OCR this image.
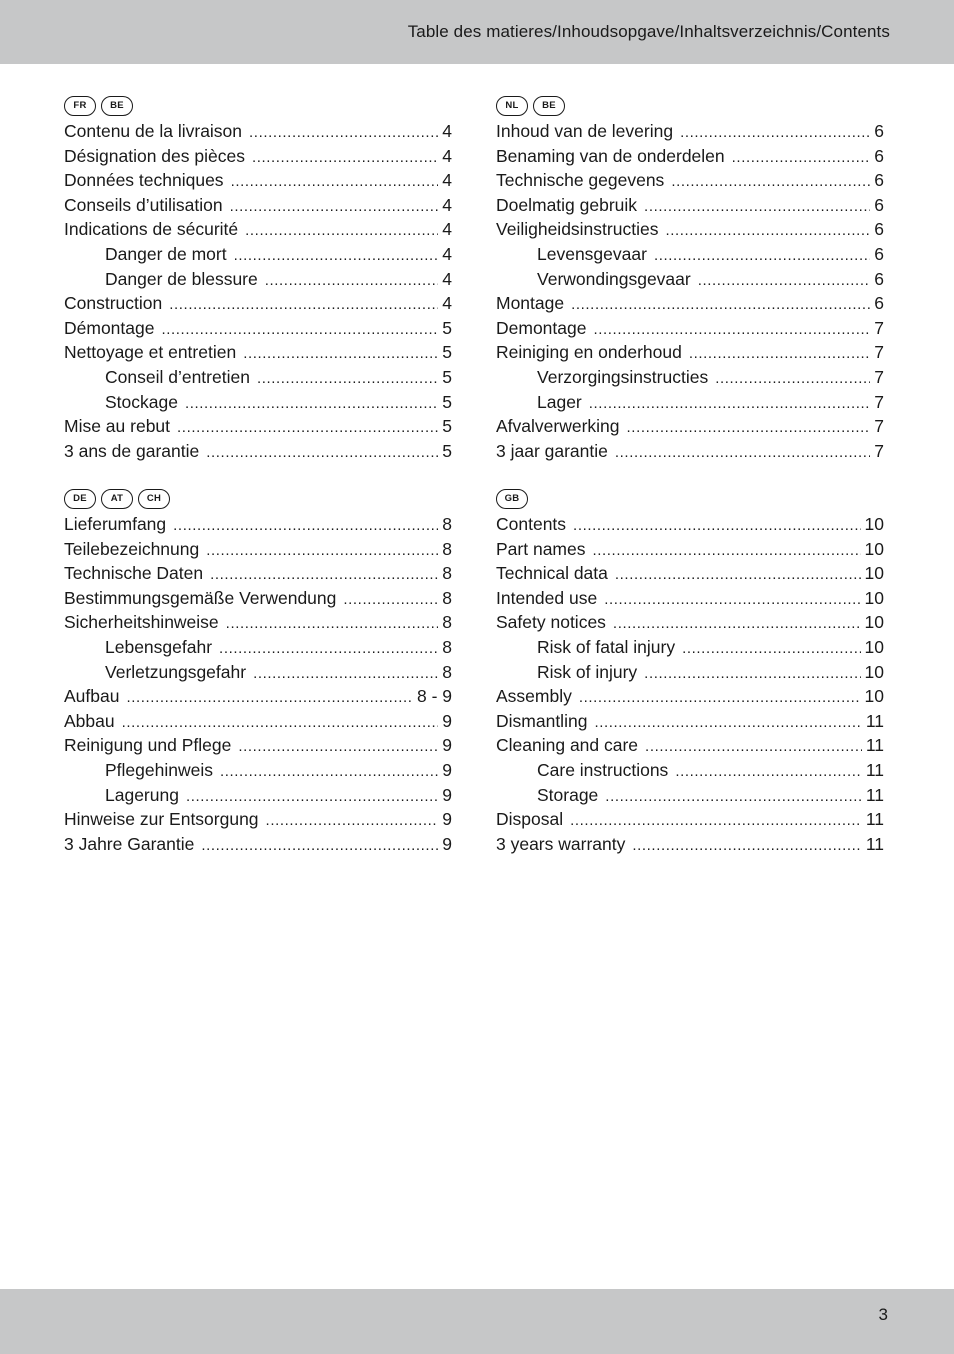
Table des matieres/Inhoudsopgave/Inhaltsverzeichnis/Contents
FR	BE
Contenu de la livraison .....	4
Désignation des pièces .....	4
Données techniques .....	4
Conseils d’utilisation .....	4
Indications de sécurité .....	4
Danger de mort .....	4
Danger de blessure .....	4
Construction .....	4
Démontage .....	5
Nettoyage et entretien .....	5
Conseil d’entretien .....	5
Stockage .....	5
Mise au rebut .....	5
3 ans de garantie .....	5
DE	AT	CH
Lieferumfang .....	8
Teilebezeichnung .....	8
Technische Daten .....	8
Bestimmungsgemäße Verwendung .....	8
Sicherheitshinweise .....	8
Lebensgefahr .....	8
Verletzungsgefahr .....	8
Aufbau .....	8 - 9
Abbau .....	9
Reinigung und Pflege .....	9
Pflegehinweis .....	9
Lagerung .....	9
Hinweise zur Entsorgung .....	9
3 Jahre Garantie .....	9
NL	BE
Inhoud van de levering .....	6
Benaming van de onderdelen .....	6
Technische gegevens .....	6
Doelmatig gebruik .....	6
Veiligheidsinstructies .....	6
Levensgevaar .....	6
Verwondingsgevaar .....	6
Montage .....	6
Demontage .....	7
Reiniging en onderhoud .....	7
Verzorgingsinstructies .....	7
Lager .....	7
Afvalverwerking .....	7
3 jaar garantie .....	7
GB
Contents .....	10
Part names .....	10
Technical data .....	10
Intended use .....	10
Safety notices .....	10
Risk of fatal injury .....	10
Risk of injury .....	10
Assembly .....	10
Dismantling .....	11
Cleaning and care .....	11
Care instructions .....	11
Storage .....	11
Disposal .....	11
3 years warranty .....	11
3
